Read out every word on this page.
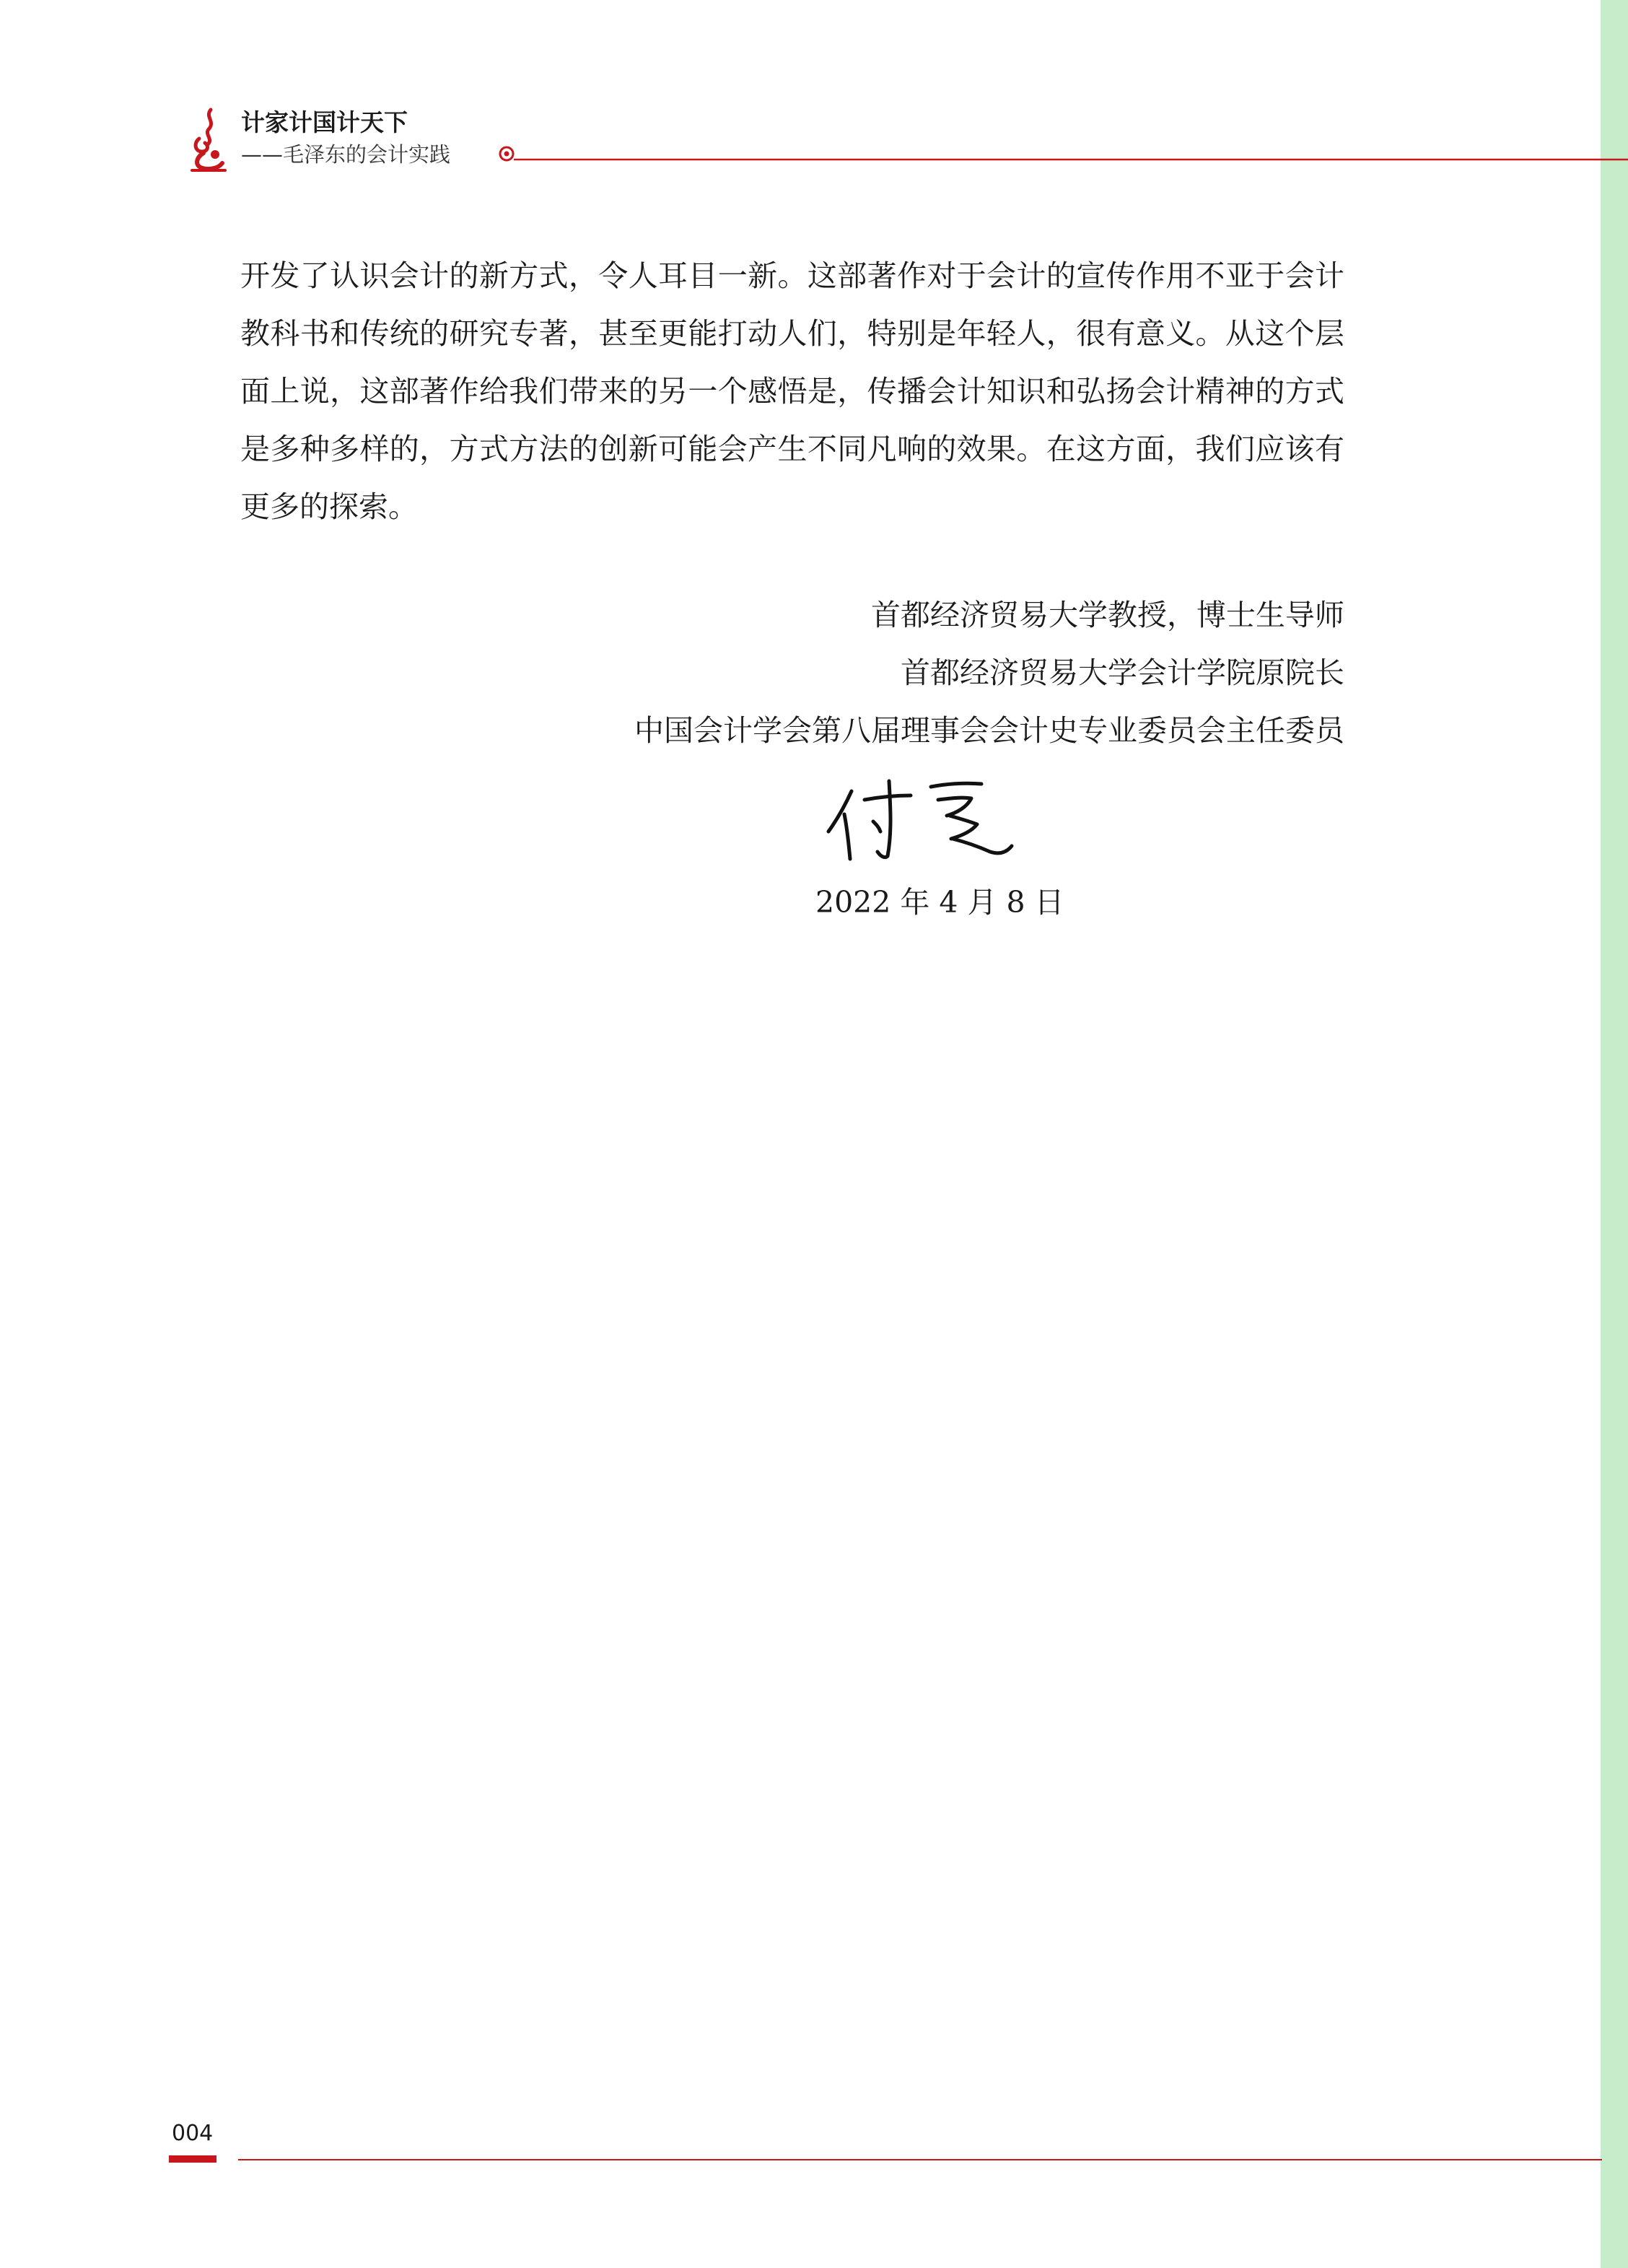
计家计国计天下
——毛泽东的会计实践

开发了认识会计的新方式，令人耳目一新。这部著作对于会计的宣传作用不亚于会计教科书和传统的研究专著，甚至更能打动人们，特别是年轻人，很有意义。从这个层面上说，这部著作给我们带来的另一个感悟是，传播会计知识和弘扬会计精神的方式是多种多样的，方式方法的创新可能会产生不同凡响的效果。在这方面，我们应该有更多的探索。

首都经济贸易大学教授，博士生导师
首都经济贸易大学会计学院原院长
中国会计学会第八届理事会会计史专业委员会主任委员
2022 年 4 月 8 日
004
